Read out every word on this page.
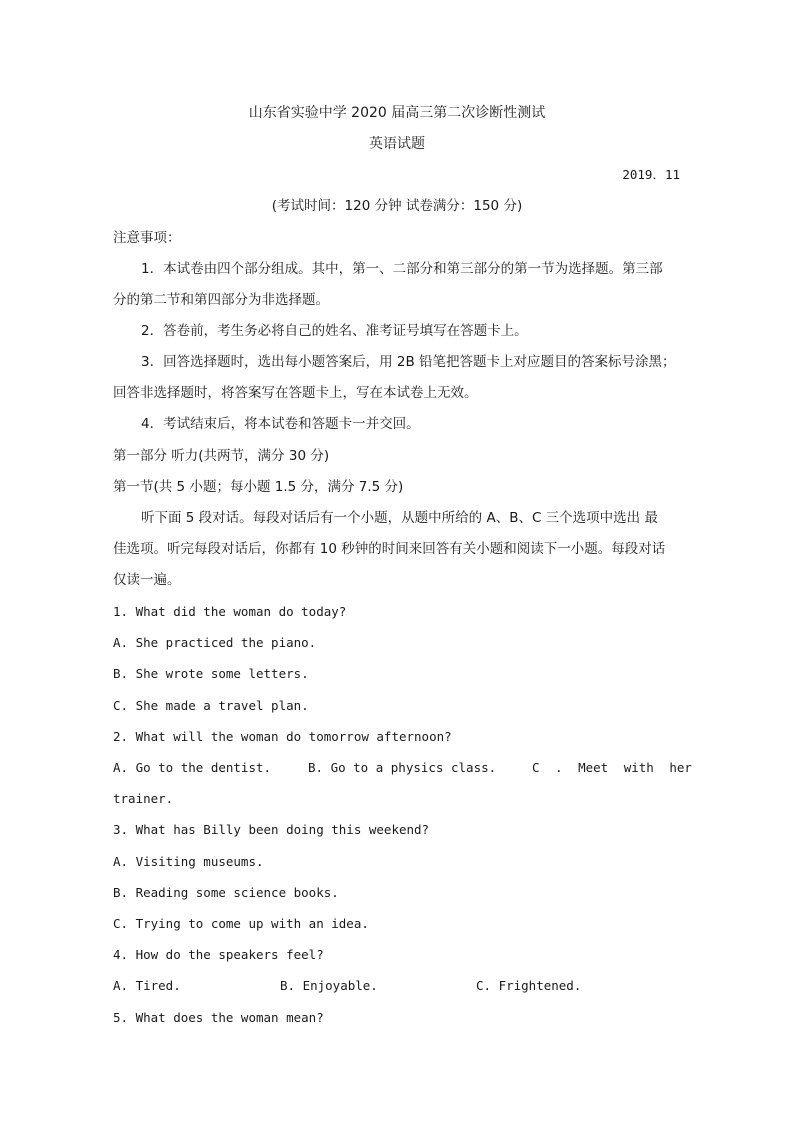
山东省实验中学 2020 届高三第二次诊断性测试
英语试题
2019．11
(考试时间：120 分钟 试卷满分：150 分)
注意事项：
1．本试卷由四个部分组成。其中，第一、二部分和第三部分的第一节为选择题。第三部
分的第二节和第四部分为非选择题。
2．答卷前，考生务必将自己的姓名、准考证号填写在答题卡上。
3．回答选择题时，选出每小题答案后，用 2B 铅笔把答题卡上对应题目的答案标号涂黑；
回答非选择题时，将答案写在答题卡上，写在本试卷上无效。
4．考试结束后，将本试卷和答题卡一并交回。
第一部分 听力(共两节，满分 30 分)
第一节(共 5 小题；每小题 1.5 分，满分 7.5 分)
听下面 5 段对话。每段对话后有一个小题，从题中所给的 A、B、C 三个选项中选出 最
佳选项。听完每段对话后，你都有 10 秒钟的时间来回答有关小题和阅读下一小题。每段对话
仅读一遍。
1. What did the woman do today?
A. She practiced the piano.
B. She wrote some letters.
C. She made a travel plan.
2. What will the woman do tomorrow afternoon?
A. Go to the dentist.	B. Go to a physics class.	C . Meet with her
trainer.
3. What has Billy been doing this weekend?
A. Visiting museums.
B. Reading some science books.
C. Trying to come up with an idea.
4. How do the speakers feel?
A. Tired.	B. Enjoyable.	C. Frightened.
5. What does the woman mean?
